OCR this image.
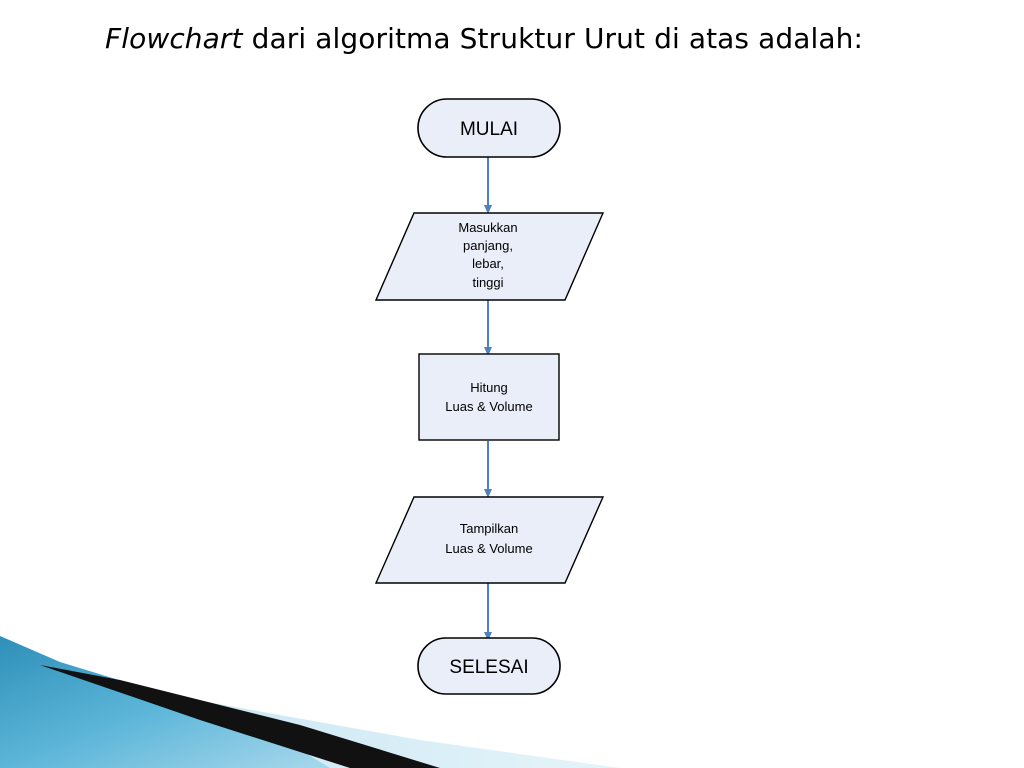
Flowchart dari algoritma Struktur Urut di atas adalah:
MULAI
Masukkan
panjang,
lebar,
tinggi
Hitung
Luas & Volume
Tampilkan
Luas & Volume
SELESAI
